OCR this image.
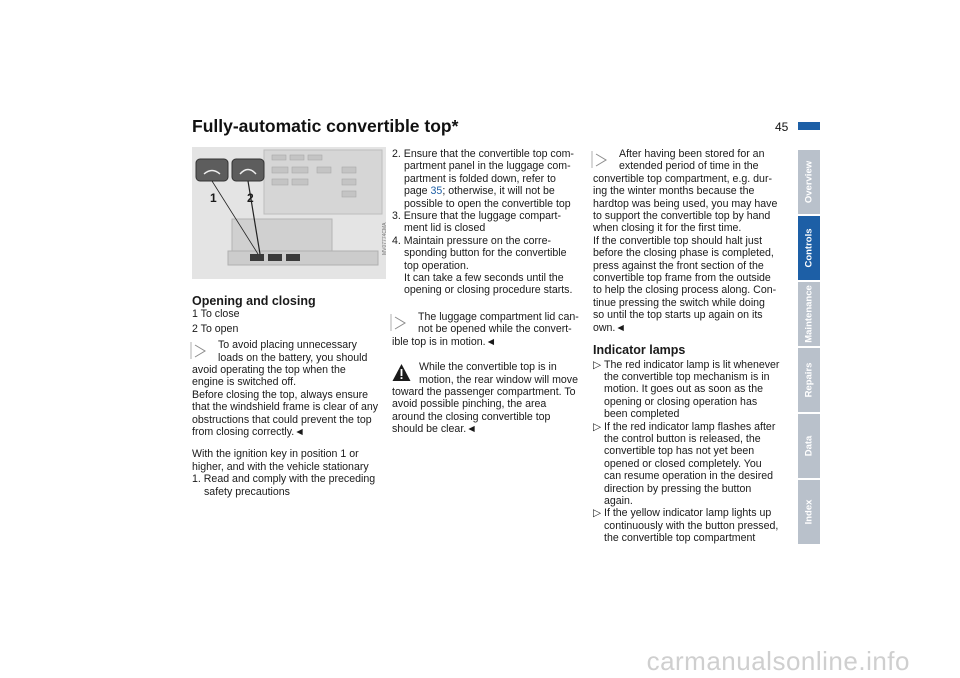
Fully-automatic convertible top*	45
1	2
MV07774CMA

Opening and closing

1 To close

2 To open

To avoid placing unnecessary

loads on the battery, you should

avoid operating the top when the

engine is switched off.

Before closing the top, always ensure

that the windshield frame is clear of any

obstructions that could prevent the top

from closing correctly.◄

With the ignition key in position 1 or

higher, and with the vehicle stationary

1. Read and comply with the preceding

safety precautions

2. Ensure that the convertible top com-

partment panel in the luggage com-

partment is folded down, refer to

page 35; otherwise, it will not be

possible to open the convertible top

3. Ensure that the luggage compart-

ment lid is closed

4. Maintain pressure on the corre-

sponding button for the convertible

top operation.

It can take a few seconds until the

opening or closing procedure starts.

The luggage compartment lid can-

not be opened while the convert-

ible top is in motion.◄

While the convertible top is in

motion, the rear window will move

toward the passenger compartment. To

avoid possible pinching, the area

around the closing convertible top

should be clear.◄

After having been stored for an

extended period of time in the

convertible top compartment, e.g. dur-

ing the winter months because the

hardtop was being used, you may have

to support the convertible top by hand

when closing it for the first time.

If the convertible top should halt just

before the closing phase is completed,

press against the front section of the

convertible top frame from the outside

to help the closing process along. Con-

tinue pressing the switch while doing

so until the top starts up again on its

own.◄

Indicator lamps

▷ The red indicator lamp is lit whenever

the convertible top mechanism is in

motion. It goes out as soon as the

opening or closing operation has

been completed

▷ If the red indicator lamp flashes after

the control button is released, the

convertible top has not yet been

opened or closed completely. You

can resume operation in the desired

direction by pressing the button

again.

▷ If the yellow indicator lamp lights up

continuously with the button pressed,

the convertible top compartment

Overview
Controls
Maintenance
Repairs
Data
Index
carmanualsonline.info
